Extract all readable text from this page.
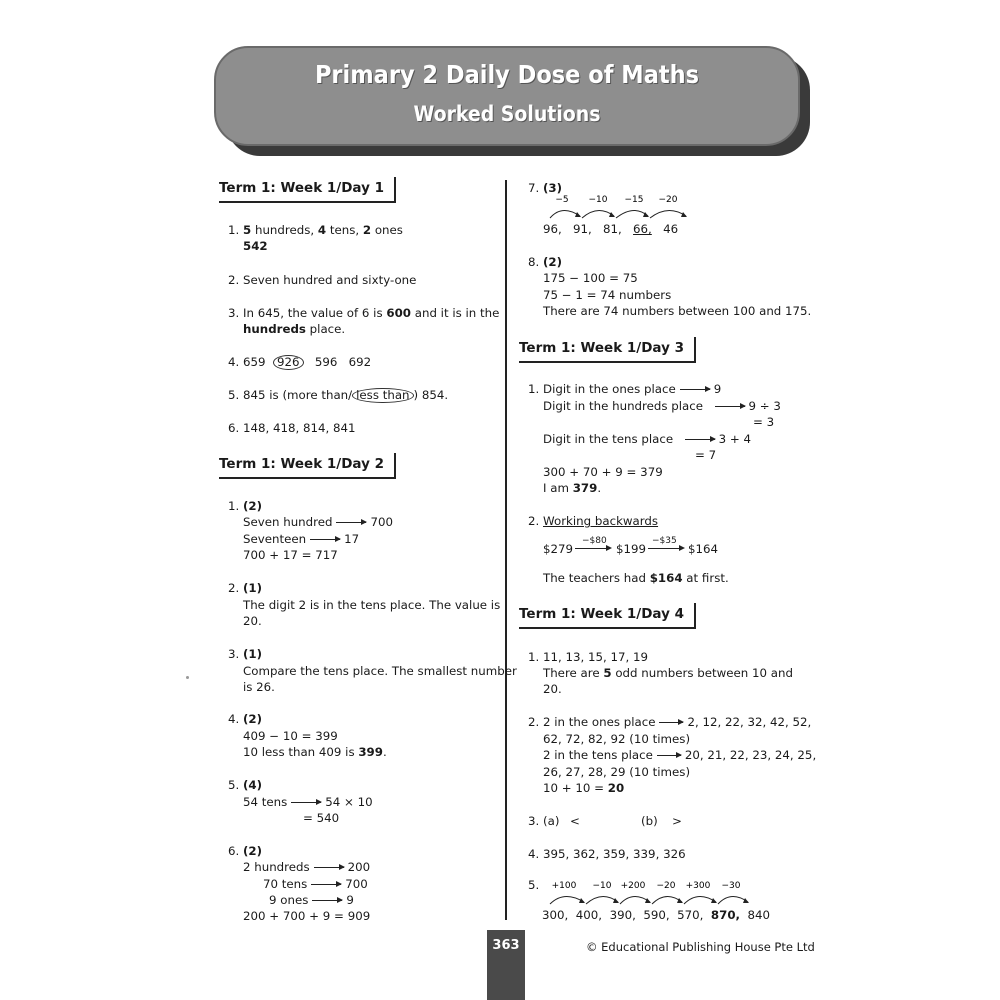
Primary 2 Daily Dose of Maths
Worked Solutions
Term 1: Week 1/Day 1
1. 5 hundreds, 4 tens, 2 ones
542
2. Seven hundred and sixty-one
3. In 645, the value of 6 is 600 and it is in the
hundreds place.
4. 659 926 596 692
5. 845 is (more than/ less than ) 854.
6. 148, 418, 814, 841
Term 1: Week 1/Day 2
1. (2)
Seven hundred	700
Seventeen	17
700 + 17 = 717
2. (1)
The digit 2 is in the tens place. The value is
20.
3. (1)
Compare the tens place. The smallest number
is 26.
4. (2)
409 − 10 = 399
10 less than 409 is 399.
5. (4)
54 tens	54 × 10
= 540
6. (2)
2 hundreds	200
70 tens	700
9 ones	9
200 + 700 + 9 = 909
7. (3)
−5 −10 −15 −20
96, 91, 81, 66, 46
8. (2)
175 − 100 = 75
75 − 1 = 74 numbers
There are 74 numbers between 100 and 175.
Term 1: Week 1/Day 3
1. Digit in the ones place	9
Digit in the hundreds place	9 ÷ 3
= 3
Digit in the tens place	3 + 4
= 7
300 + 70 + 9 = 379
I am 379.
2. Working backwards
$279
−$80
$199
−$35
$164
The teachers had $164 at first.
Term 1: Week 1/Day 4
1. 11, 13, 15, 17, 19
There are 5 odd numbers between 10 and
20.
2. 2 in the ones place	2, 12, 22, 32, 42, 52,
62, 72, 82, 92 (10 times)
2 in the tens place	20, 21, 22, 23, 24, 25,
26, 27, 28, 29 (10 times)
10 + 10 = 20
3. (a) <	(b) >
4. 395, 362, 359, 339, 326
5. +100 −10 +200 −20 +300 −30
300, 400, 390, 590, 570, 870, 840
363	© Educational Publishing House Pte Ltd
